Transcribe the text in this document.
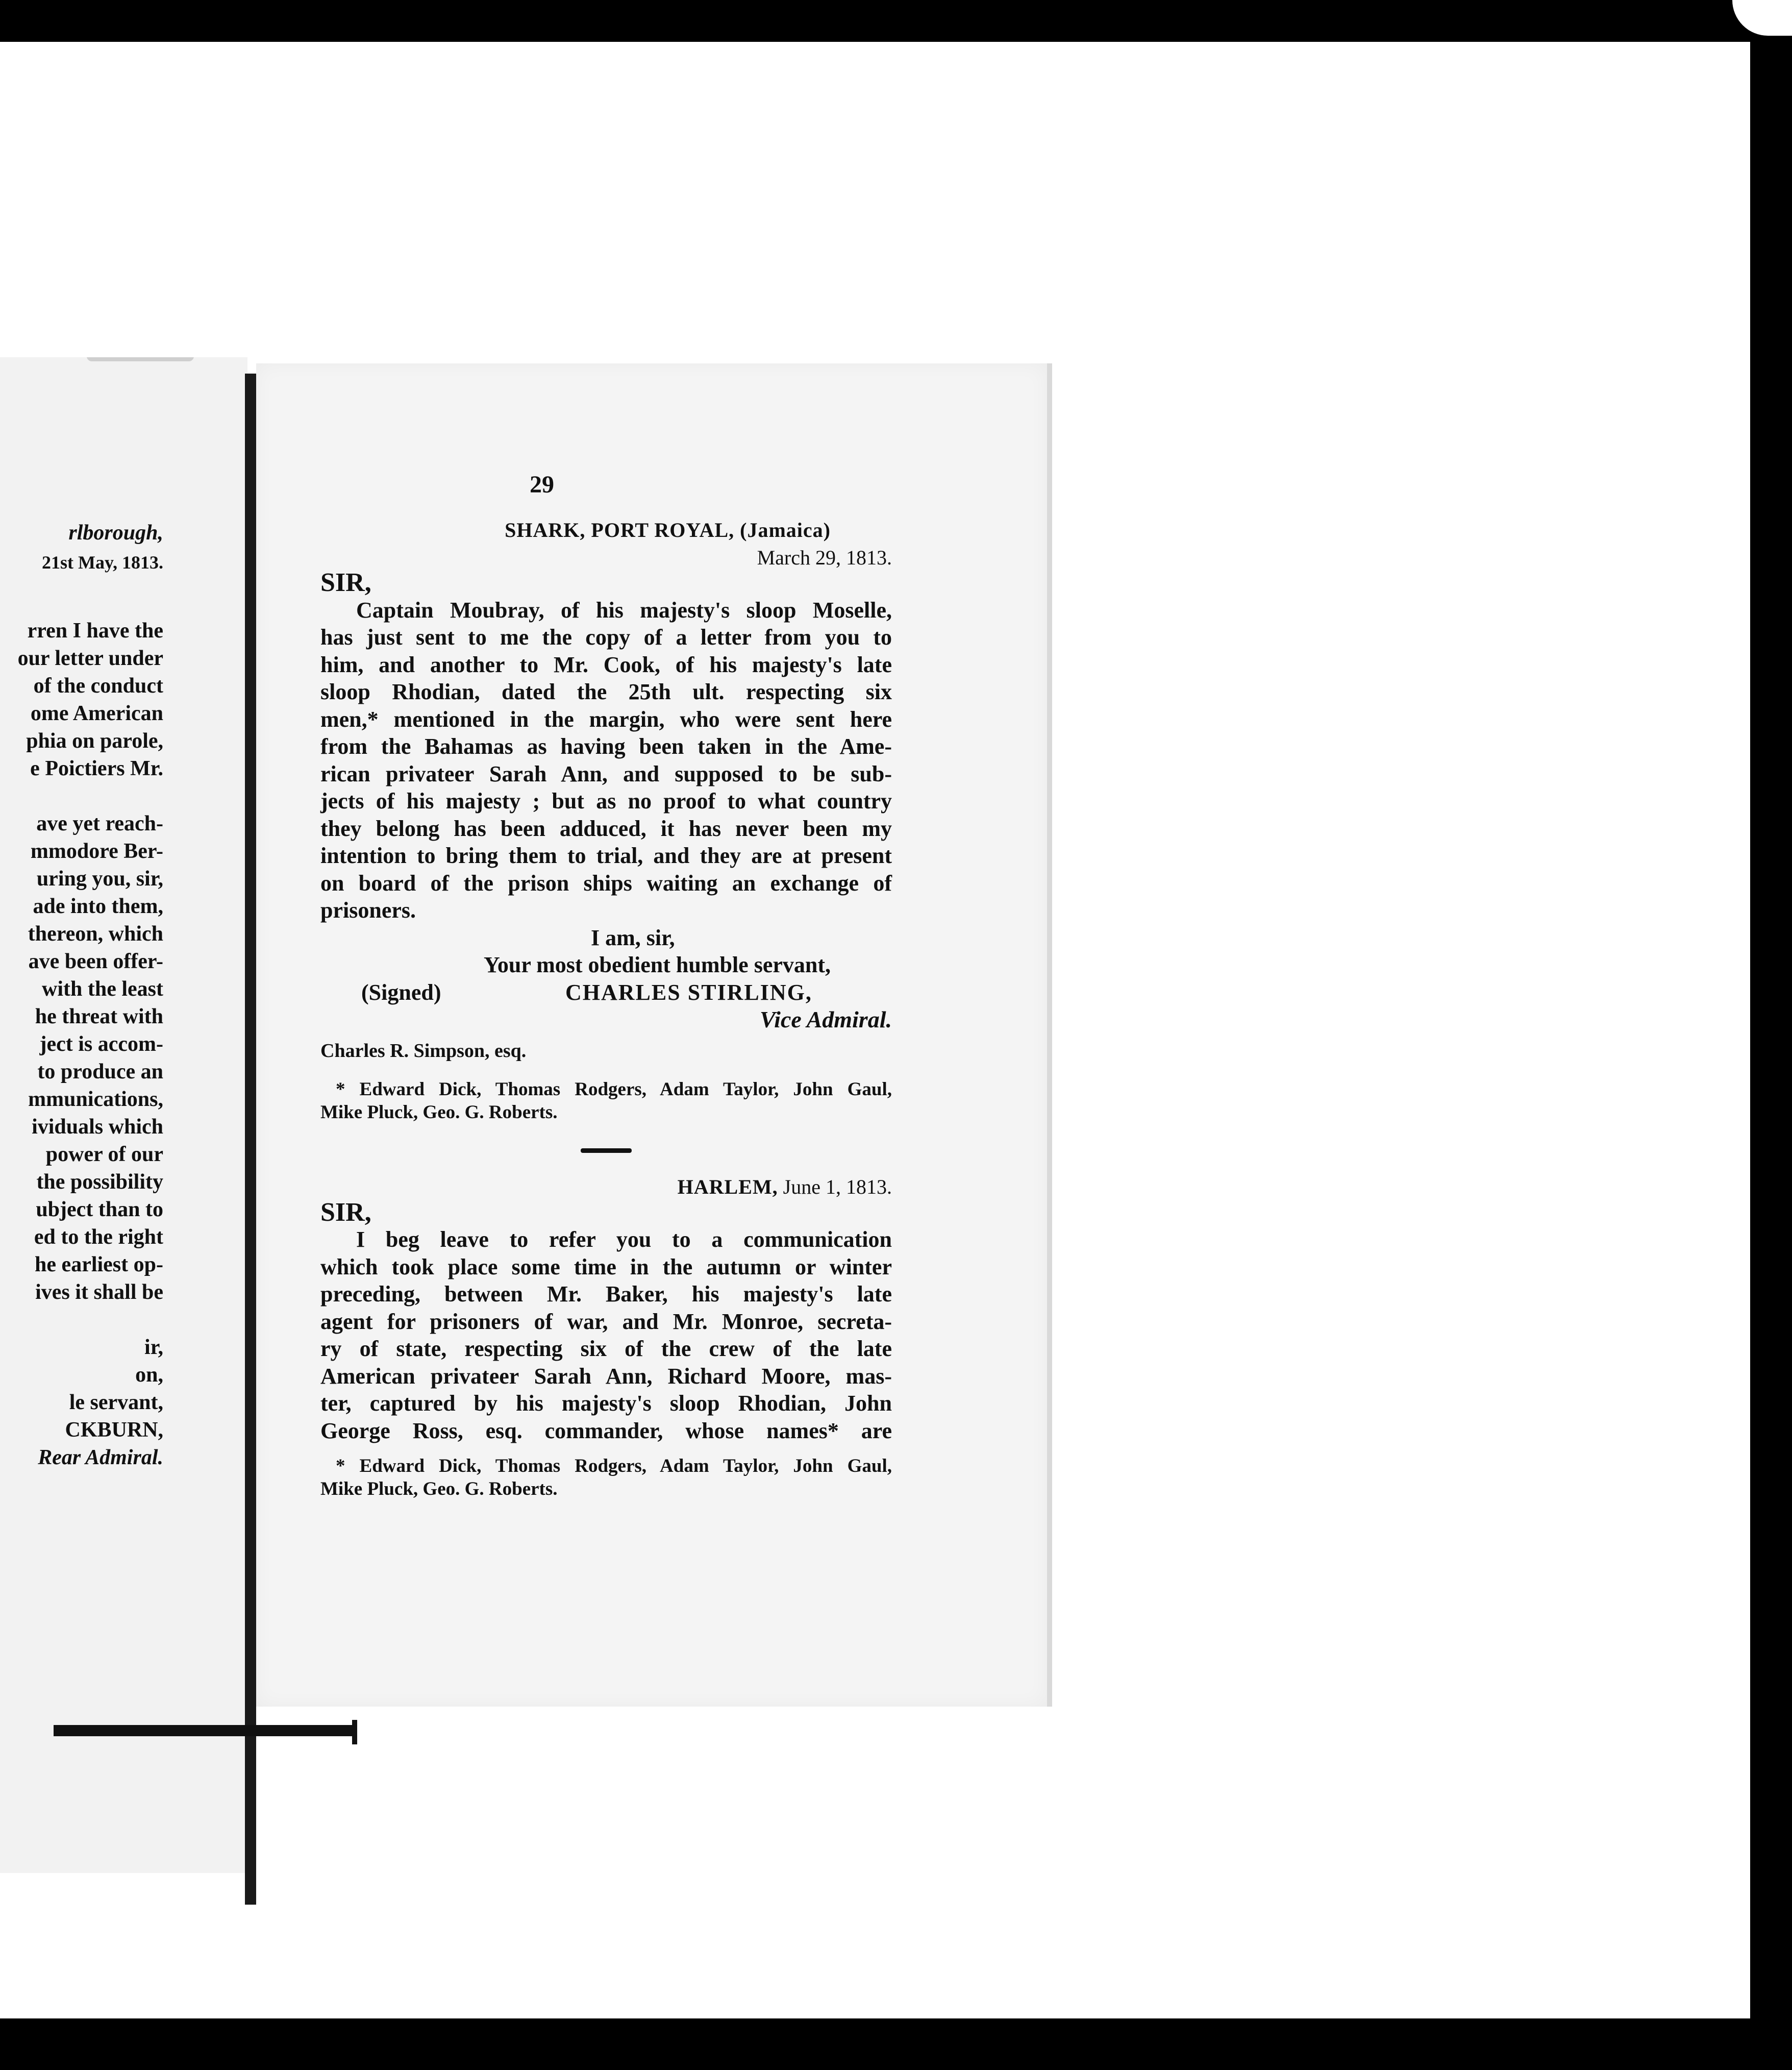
rlborough,
21st May, 1813.
rren I have the
our letter under
of the conduct
ome American
phia on parole,
e Poictiers Mr.
ave yet reach-
mmodore Ber-
uring you, sir,
ade into them,
thereon, which
ave been offer-
with the least
he threat with
ject is accom-
to produce an
mmunications,
ividuals which
power of our
the possibility
ubject than to
ed to the right
he earliest op-
ives it shall be
ir,
on,
le servant,
CKBURN,
Rear Admiral.
29
SHARK, PORT ROYAL, (Jamaica)
March 29, 1813.
SIR,
Captain Moubray, of his majesty's sloop Moselle,
has just sent to me the copy of a letter from you to
him, and another to Mr. Cook, of his majesty's late
sloop Rhodian, dated the 25th ult. respecting six
men,* mentioned in the margin, who were sent here
from the Bahamas as having been taken in the Ame-
rican privateer Sarah Ann, and supposed to be sub-
jects of his majesty ; but as no proof to what country
they belong has been adduced, it has never been my
intention to bring them to trial, and they are at present
on board of the prison ships waiting an exchange of
prisoners.
I am, sir,
Your most obedient humble servant,
(Signed)	CHARLES STIRLING,
Vice Admiral.
Charles R. Simpson, esq.
* Edward Dick, Thomas Rodgers, Adam Taylor, John Gaul,
Mike Pluck, Geo. G. Roberts.
HARLEM, June 1, 1813.
SIR,
I beg leave to refer you to a communication
which took place some time in the autumn or winter
preceding, between Mr. Baker, his majesty's late
agent for prisoners of war, and Mr. Monroe, secreta-
ry of state, respecting six of the crew of the late
American privateer Sarah Ann, Richard Moore, mas-
ter, captured by his majesty's sloop Rhodian, John
George Ross, esq. commander, whose names* are
* Edward Dick, Thomas Rodgers, Adam Taylor, John Gaul,
Mike Pluck, Geo. G. Roberts.
